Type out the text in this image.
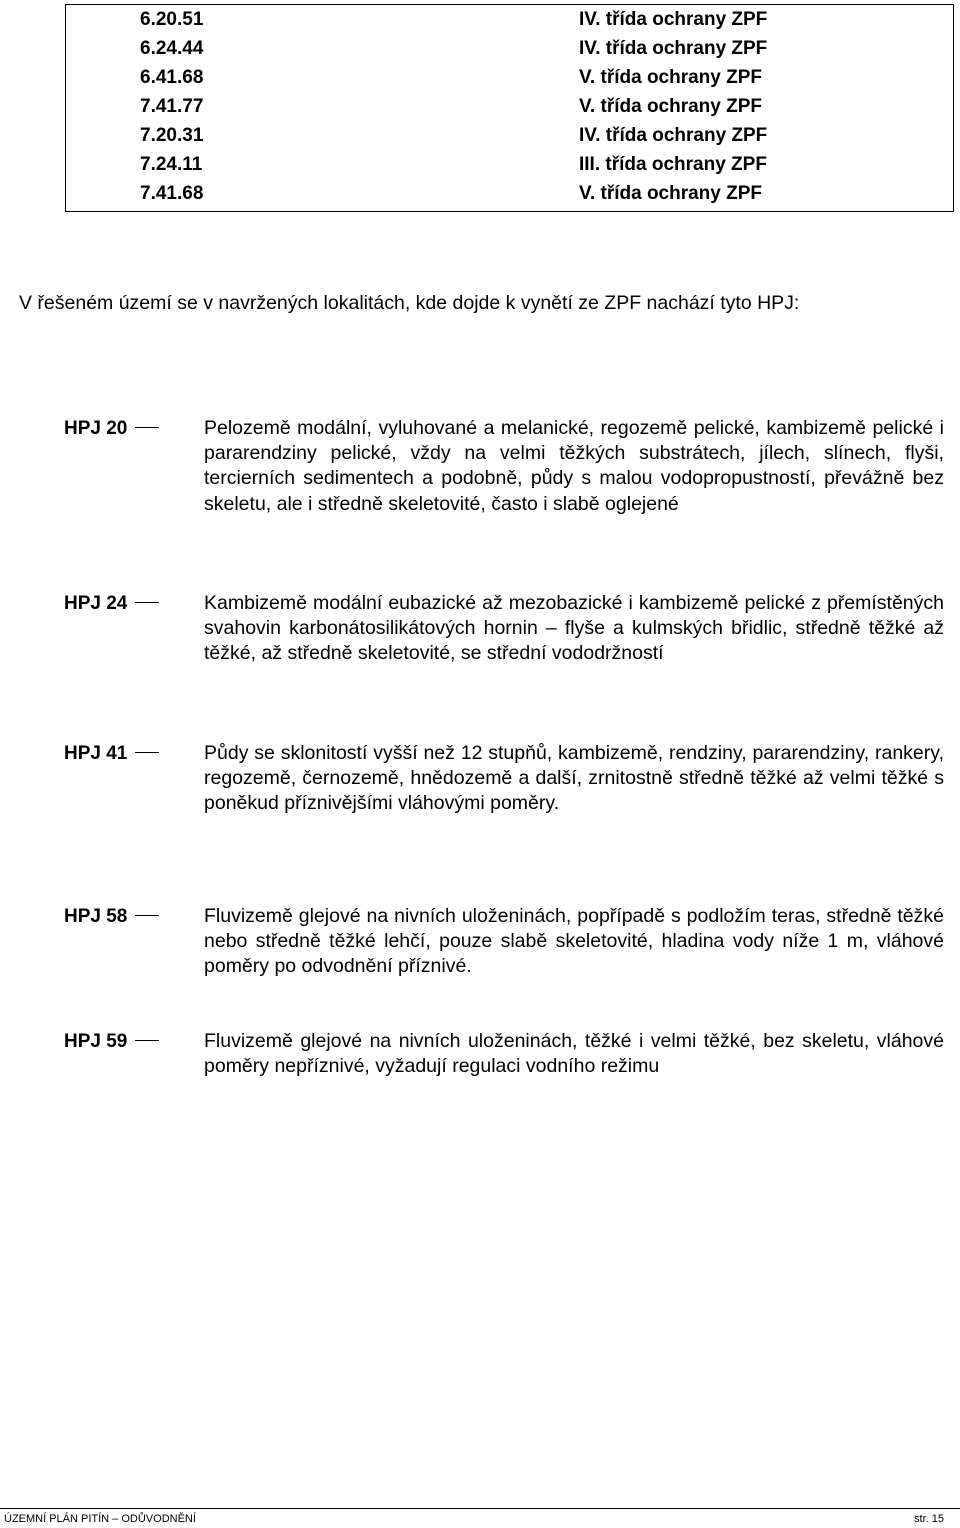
6.20.51	IV. třída ochrany ZPF
6.24.44	IV. třída ochrany ZPF
6.41.68	V. třída ochrany ZPF
7.41.77	V. třída ochrany ZPF
7.20.31	IV. třída ochrany ZPF
7.24.11	III. třída ochrany ZPF
7.41.68	V. třída ochrany ZPF
V řešeném území se v navržených lokalitách, kde dojde k vynětí ze ZPF nachází tyto HPJ:
HPJ 20	Pelozemě modální, vyluhované a melanické, regozemě pelické, kambizemě pelické i pararendziny pelické, vždy na velmi těžkých substrátech, jílech, slínech, flyši, tercierních sedimentech a podobně, půdy s malou vodopropustností, převážně bez skeletu, ale i středně skeletovité, často i slabě oglejené
HPJ 24	Kambizemě modální eubazické až mezobazické i kambizemě pelické z přemístěných svahovin karbonátosilikátových hornin – flyše a kulmských břidlic, středně těžké až těžké, až středně skeletovité, se střední vododržností
HPJ 41	Půdy se sklonitostí vyšší než 12 stupňů, kambizemě, rendziny, pararendziny, rankery, regozemě, černozemě, hnědozemě a další, zrnitostně středně těžké až velmi těžké s poněkud příznivějšími vláhovými poměry.
HPJ 58	Fluvizemě glejové na nivních uloženinách, popřípadě s podložím teras, středně těžké nebo středně těžké lehčí, pouze slabě skeletovité, hladina vody níže 1 m, vláhové poměry po odvodnění příznivé.
HPJ 59	Fluvizemě glejové na nivních uloženinách, těžké i velmi těžké, bez skeletu, vláhové poměry nepříznivé, vyžadují regulaci vodního režimu
ÚZEMNÍ PLÁN PITÍN – ODŮVODNĚNÍ	str. 15
